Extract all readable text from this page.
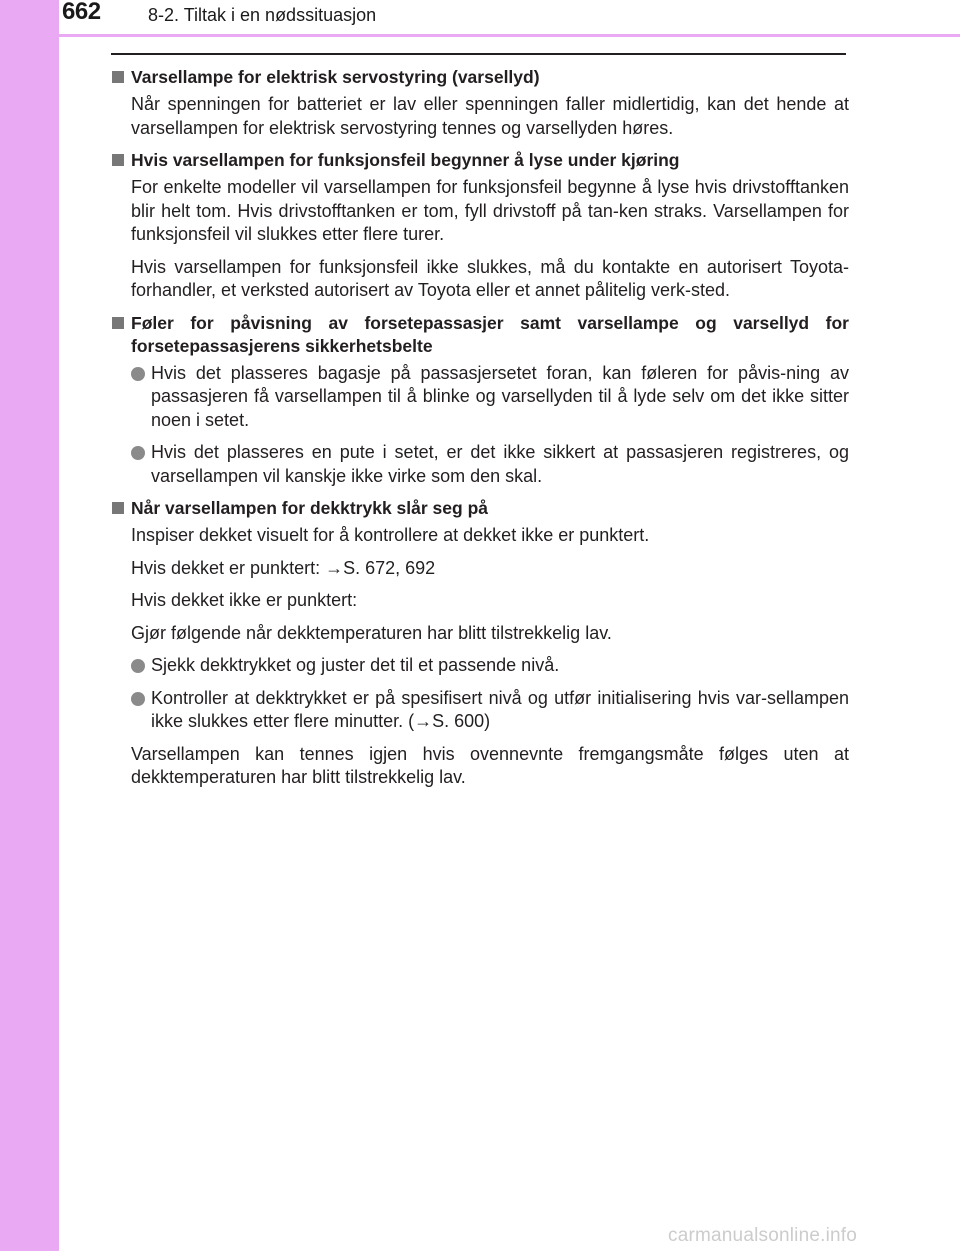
662	8-2. Tiltak i en nødssituasjon
Varsellampe for elektrisk servostyring (varsellyd)
Når spenningen for batteriet er lav eller spenningen faller midlertidig, kan det hende at varsellampen for elektrisk servostyring tennes og varsellyden høres.
Hvis varsellampen for funksjonsfeil begynner å lyse under kjøring
For enkelte modeller vil varsellampen for funksjonsfeil begynne å lyse hvis drivstofftanken blir helt tom. Hvis drivstofftanken er tom, fyll drivstoff på tan-ken straks. Varsellampen for funksjonsfeil vil slukkes etter flere turer.
Hvis varsellampen for funksjonsfeil ikke slukkes, må du kontakte en autorisert Toyota-forhandler, et verksted autorisert av Toyota eller et annet pålitelig verk-sted.
Føler for påvisning av forsetepassasjer samt varsellampe og varsellyd for forsetepassasjerens sikkerhetsbelte
Hvis det plasseres bagasje på passasjersetet foran, kan føleren for påvis-ning av passasjeren få varsellampen til å blinke og varsellyden til å lyde selv om det ikke sitter noen i setet.
Hvis det plasseres en pute i setet, er det ikke sikkert at passasjeren registreres, og varsellampen vil kanskje ikke virke som den skal.
Når varsellampen for dekktrykk slår seg på
Inspiser dekket visuelt for å kontrollere at dekket ikke er punktert.
Hvis dekket er punktert: →S. 672, 692
Hvis dekket ikke er punktert:
Gjør følgende når dekktemperaturen har blitt tilstrekkelig lav.
Sjekk dekktrykket og juster det til et passende nivå.
Kontroller at dekktrykket er på spesifisert nivå og utfør initialisering hvis var-sellampen ikke slukkes etter flere minutter. (→S. 600)
Varsellampen kan tennes igjen hvis ovennevnte fremgangsmåte følges uten at dekktemperaturen har blitt tilstrekkelig lav.
carmanualsonline.info
